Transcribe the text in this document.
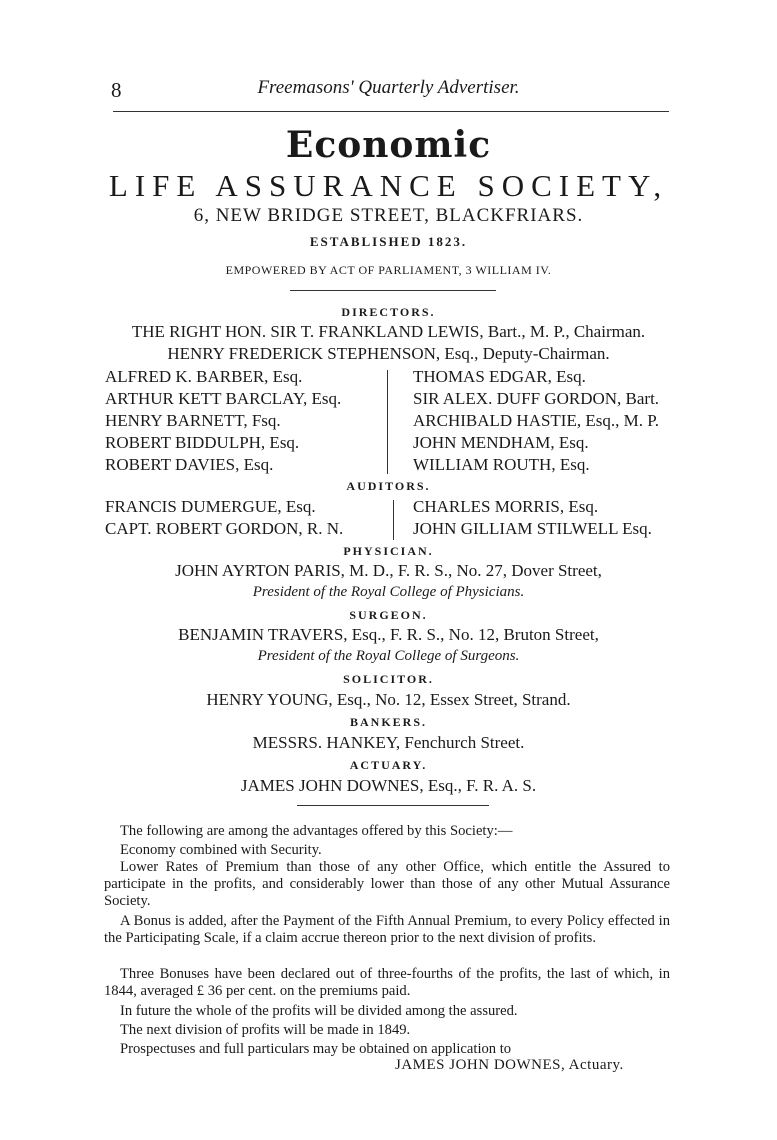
8	Freemasons' Quarterly Advertiser.
Economic
LIFE ASSURANCE SOCIETY,
6, NEW BRIDGE STREET, BLACKFRIARS.
ESTABLISHED 1823.
EMPOWERED BY ACT OF PARLIAMENT, 3 WILLIAM IV.
DIRECTORS.
THE RIGHT HON. SIR T. FRANKLAND LEWIS, Bart., M. P., Chairman.
HENRY FREDERICK STEPHENSON, Esq., Deputy-Chairman.
ALFRED K. BARBER, Esq.
ARTHUR KETT BARCLAY, Esq.
HENRY BARNETT, Fsq.
ROBERT BIDDULPH, Esq.
ROBERT DAVIES, Esq.
THOMAS EDGAR, Esq.
SIR ALEX. DUFF GORDON, Bart.
ARCHIBALD HASTIE, Esq., M. P.
JOHN MENDHAM, Esq.
WILLIAM ROUTH, Esq.
AUDITORS.
FRANCIS DUMERGUE, Esq.
CAPT. ROBERT GORDON, R. N.
CHARLES MORRIS, Esq.
JOHN GILLIAM STILWELL Esq.
PHYSICIAN.
JOHN AYRTON PARIS, M. D., F. R. S., No. 27, Dover Street,
President of the Royal College of Physicians.
SURGEON.
BENJAMIN TRAVERS, Esq., F. R. S., No. 12, Bruton Street,
President of the Royal College of Surgeons.
SOLICITOR.
HENRY YOUNG, Esq., No. 12, Essex Street, Strand.
BANKERS.
MESSRS. HANKEY, Fenchurch Street.
ACTUARY.
JAMES JOHN DOWNES, Esq., F. R. A. S.
The following are among the advantages offered by this Society:—
Economy combined with Security.
Lower Rates of Premium than those of any other Office, which entitle the Assured to participate in the profits, and considerably lower than those of any other Mutual Assurance Society.
A Bonus is added, after the Payment of the Fifth Annual Premium, to every Policy effected in the Participating Scale, if a claim accrue thereon prior to the next division of profits.
Three Bonuses have been declared out of three-fourths of the profits, the last of which, in 1844, averaged £ 36 per cent. on the premiums paid.
In future the whole of the profits will be divided among the assured.
The next division of profits will be made in 1849.
Prospectuses and full particulars may be obtained on application to
JAMES JOHN DOWNES, Actuary.
